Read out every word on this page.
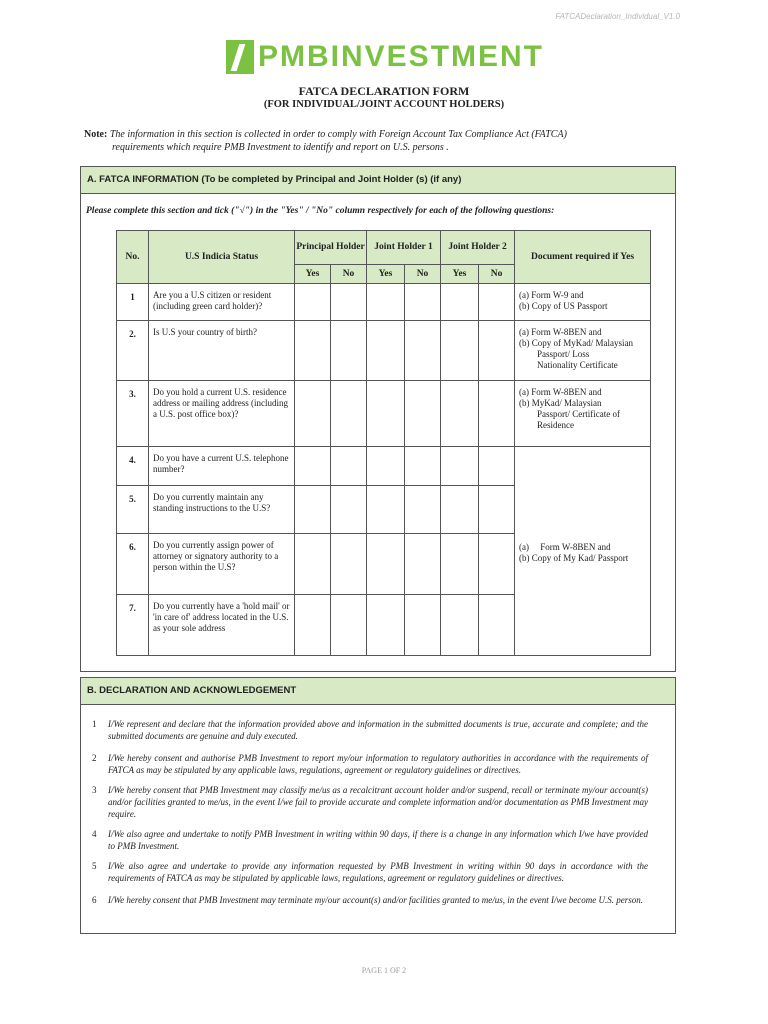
FATCADeclaration_Individual_V1.0
PMBINVESTMENT
FATCA DECLARATION FORM
(FOR INDIVIDUAL/JOINT ACCOUNT HOLDERS)
Note: The information in this section is collected in order to comply with Foreign Account Tax Compliance Act (FATCA)
requirements which require PMB Investment to identify and report on U.S. persons .
A. FATCA INFORMATION (To be completed by Principal and Joint Holder (s) (if any)
Please complete this section and tick ("√") in the "Yes" / "No" column respectively for each of the following questions:
No.	U.S Indicia Status	Principal Holder		Joint Holder 1		Joint Holder 2		Document required if Yes
		Yes	No	Yes	No	Yes	No	
1	Are you a U.S citizen or resident (including green card holder)?							(a) Form W-9 and
(b) Copy of US Passport

2.	Is U.S your country of birth?							(a) Form W-8BEN and
(b) Copy of MyKad/ Malaysian
Passport/ Loss
Nationality Certificate

3.	Do you hold a current U.S. residence address or mailing address (including a U.S. post office box)?							(a) Form W-8BEN and
(b) MyKad/ Malaysian
Passport/ Certificate of
Residence

4.	Do you have a current U.S. telephone number?							(a)     Form W-8BEN and
(b) Copy of My Kad/ Passport

5.	Do you currently maintain any standing instructions to the U.S?							
6.	Do you currently assign power of attorney or signatory authority to a person within the U.S?							
7.	Do you currently have a 'hold mail' or 'in care of' address located in the U.S. as your sole address							
B. DECLARATION AND ACKNOWLEDGEMENT
1	I/We represent and declare that the information provided above and information in the submitted documents is true, accurate and complete; and the submitted documents are genuine and duly executed.
2	I/We hereby consent and authorise PMB Investment to report my/our information to regulatory authorities in accordance with the requirements of FATCA as may be stipulated by any applicable laws, regulations, agreement or regulatory guidelines or directives.
3	I/We hereby consent that PMB Investment may classify me/us as a recalcitrant account holder and/or suspend, recall or terminate my/our account(s) and/or facilities granted to me/us, in the event I/we fail to provide accurate and complete information and/or documentation as PMB Investment may require.
4	I/We also agree and undertake to notify PMB Investment in writing within 90 days, if there is a change in any information which I/we have provided to PMB Investment.
5	I/We also agree and undertake to provide any information requested by PMB Investment in writing within 90 days in accordance with the requirements of FATCA as may be stipulated by applicable laws, regulations, agreement or regulatory guidelines or directives.
6	I/We hereby consent that PMB Investment may terminate my/our account(s) and/or facilities granted to me/us, in the event I/we become U.S. person.
PAGE 1 OF 2
